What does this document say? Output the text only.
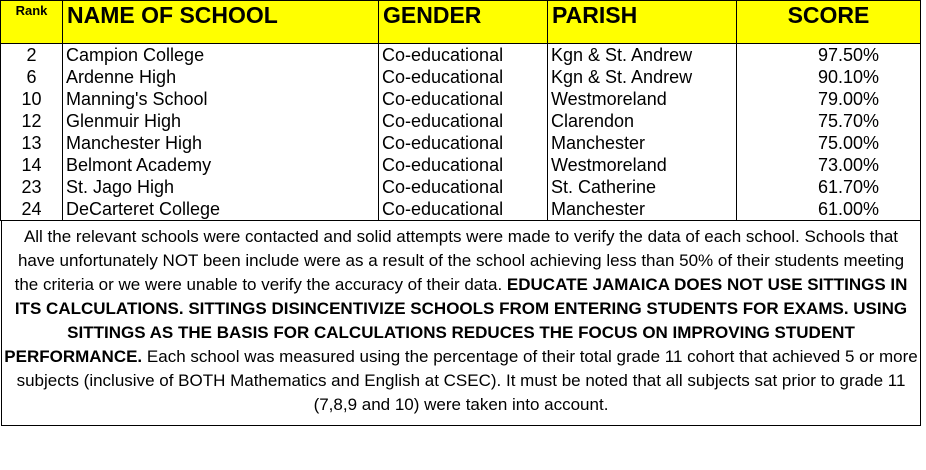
Rank	NAME OF SCHOOL	GENDER	PARISH	SCORE
2	Campion College	Co-educational	Kgn & St. Andrew	97.50%
6	Ardenne High	Co-educational	Kgn & St. Andrew	90.10%
10	Manning's School	Co-educational	Westmoreland	79.00%
12	Glenmuir High	Co-educational	Clarendon	75.70%
13	Manchester High	Co-educational	Manchester	75.00%
14	Belmont Academy	Co-educational	Westmoreland	73.00%
23	St. Jago High	Co-educational	St. Catherine	61.70%
24	DeCarteret College	Co-educational	Manchester	61.00%
All the relevant schools were contacted and solid attempts were made to verify the data of each school. Schools that have unfortunately NOT been include were as a result of the school achieving less than 50% of their students meeting the criteria or we were unable to verify the accuracy of their data. EDUCATE JAMAICA DOES NOT USE SITTINGS IN ITS CALCULATIONS. SITTINGS DISINCENTIVIZE SCHOOLS FROM ENTERING STUDENTS FOR EXAMS. USING SITTINGS AS THE BASIS FOR CALCULATIONS REDUCES THE FOCUS ON IMPROVING STUDENT PERFORMANCE. Each school was measured using the percentage of their total grade 11 cohort that achieved 5 or more subjects (inclusive of BOTH Mathematics and English at CSEC). It must be noted that all subjects sat prior to grade 11 (7,8,9 and 10) were taken into account.
